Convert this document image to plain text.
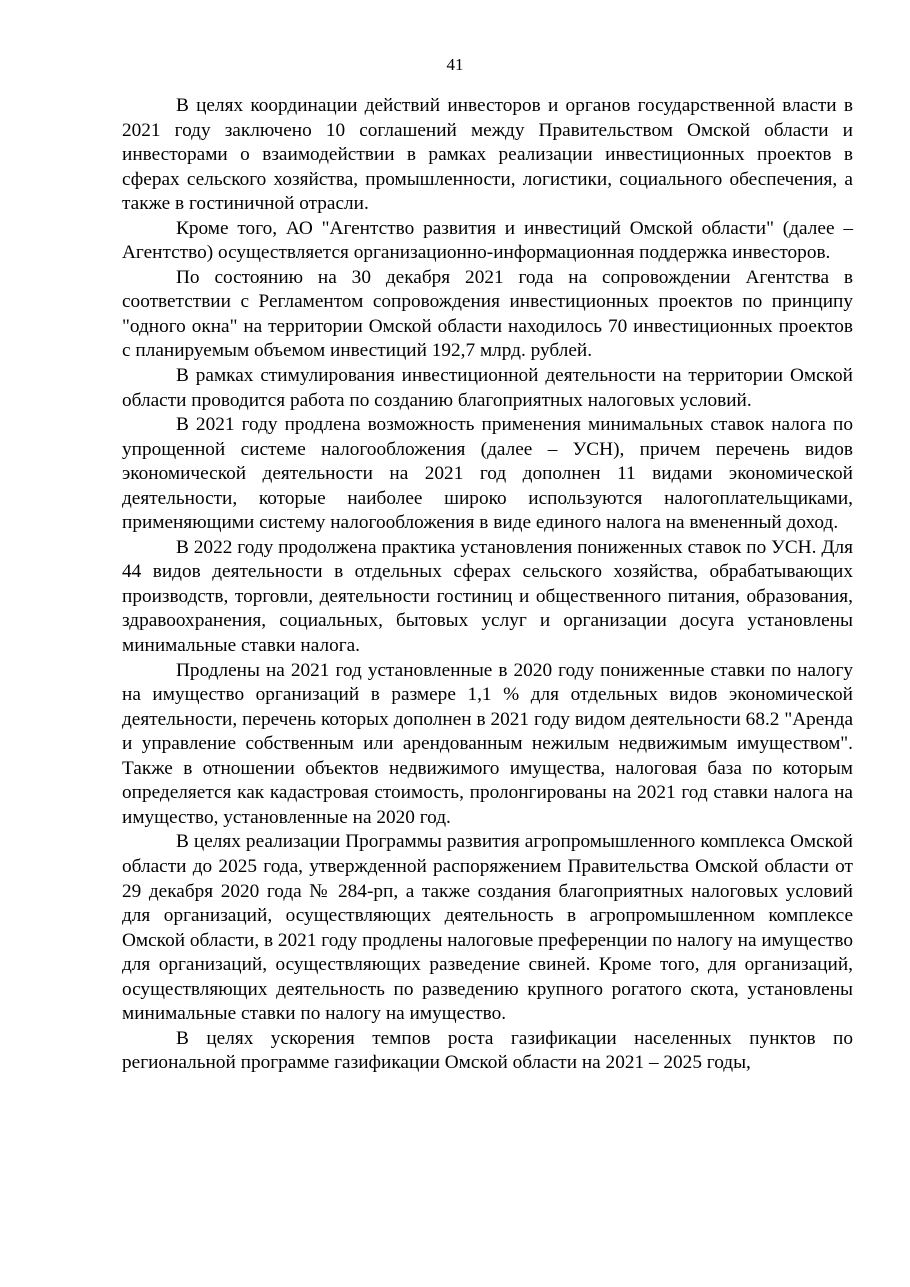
41

В целях координации действий инвесторов и органов государственной власти в 2021 году заключено 10 соглашений между Правительством Омской области и инвесторами о взаимодействии в рамках реализации инвестиционных проектов в сферах сельского хозяйства, промышленности, логистики, социального обеспечения, а также в гостиничной отрасли.

Кроме того, АО "Агентство развития и инвестиций Омской области" (далее – Агентство) осуществляется организационно-информационная поддержка инвесторов.

По состоянию на 30 декабря 2021 года на сопровождении Агентства в соответствии с Регламентом сопровождения инвестиционных проектов по принципу "одного окна" на территории Омской области находилось 70 инвестиционных проектов с планируемым объемом инвестиций 192,7 млрд. рублей.

В рамках стимулирования инвестиционной деятельности на территории Омской области проводится работа по созданию благоприятных налоговых условий.

В 2021 году продлена возможность применения минимальных ставок налога по упрощенной системе налогообложения (далее – УСН), причем перечень видов экономической деятельности на 2021 год дополнен 11 видами экономической деятельности, которые наиболее широко используются налогоплательщиками, применяющими систему налогообложения в виде единого налога на вмененный доход.

В 2022 году продолжена практика установления пониженных ставок по УСН. Для 44 видов деятельности в отдельных сферах сельского хозяйства, обрабатывающих производств, торговли, деятельности гостиниц и общественного питания, образования, здравоохранения, социальных, бытовых услуг и организации досуга установлены минимальные ставки налога.

Продлены на 2021 год установленные в 2020 году пониженные ставки по налогу на имущество организаций в размере 1,1 % для отдельных видов экономической деятельности, перечень которых дополнен в 2021 году видом деятельности 68.2 "Аренда и управление собственным или арендованным нежилым недвижимым имуществом". Также в отношении объектов недвижимого имущества, налоговая база по которым определяется как кадастровая стоимость, пролонгированы на 2021 год ставки налога на имущество, установленные на 2020 год.

В целях реализации Программы развития агропромышленного комплекса Омской области до 2025 года, утвержденной распоряжением Правительства Омской области от 29 декабря 2020 года № 284-рп, а также создания благоприятных налоговых условий для организаций, осуществляющих деятельность в агропромышленном комплексе Омской области, в 2021 году продлены налоговые преференции по налогу на имущество для организаций, осуществляющих разведение свиней. Кроме того, для организаций, осуществляющих деятельность по разведению крупного рогатого скота, установлены минимальные ставки по налогу на имущество.

В целях ускорения темпов роста газификации населенных пунктов по региональной программе газификации Омской области на 2021 – 2025 годы,
